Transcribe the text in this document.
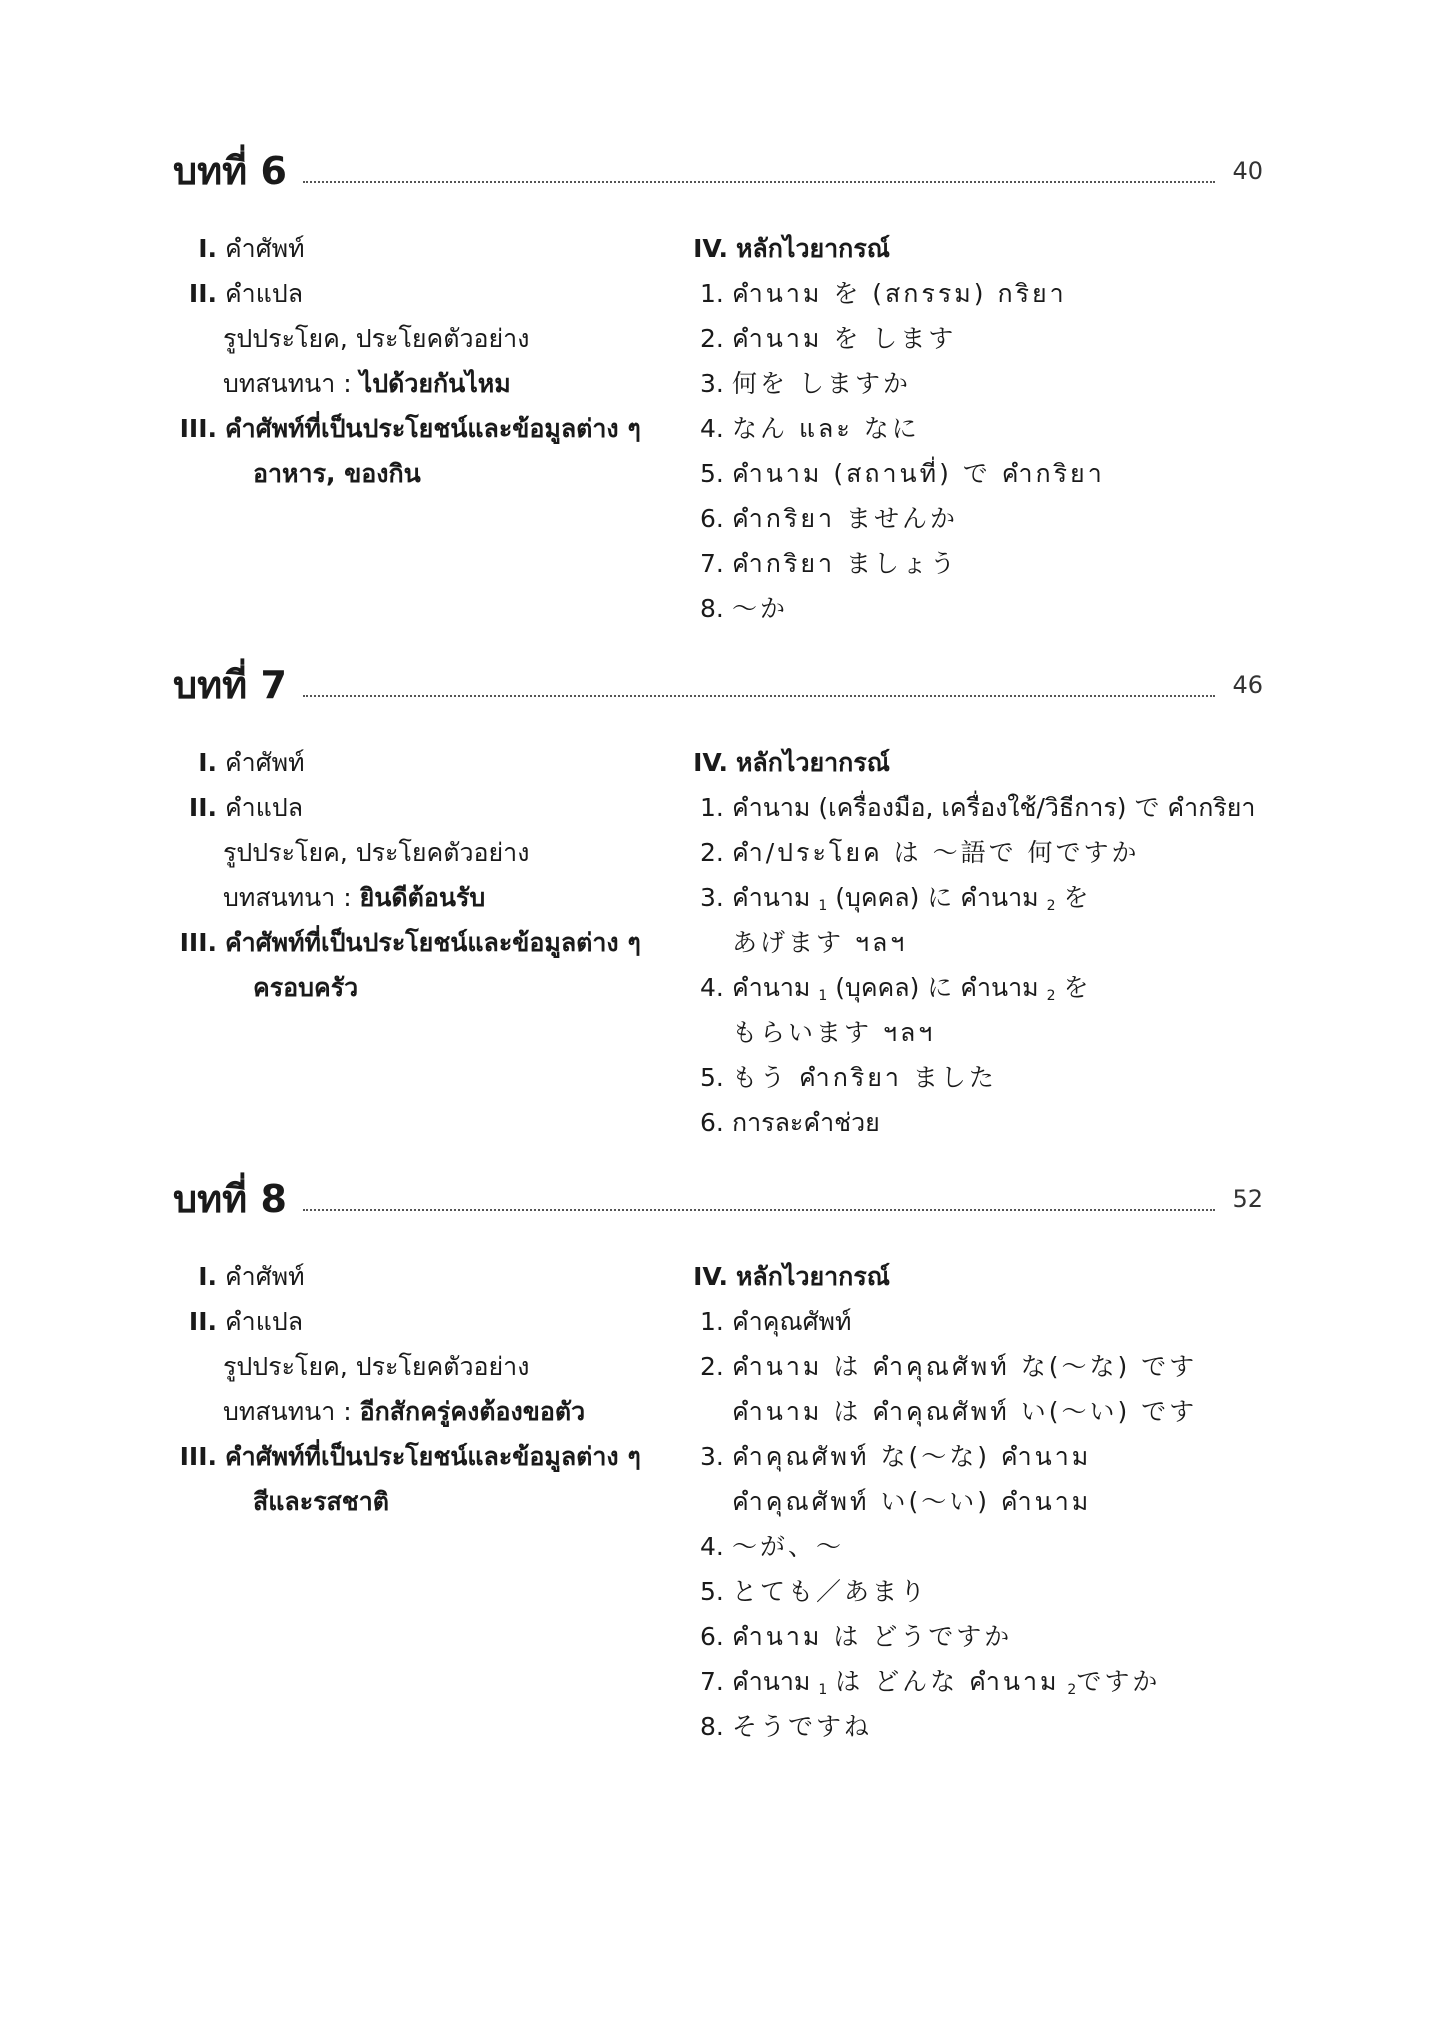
บทที่ 6	40
I. คำศัพท์
II. คำแปล
รูปประโยค, ประโยคตัวอย่าง
บทสนทนา : ไปด้วยกันไหม
III. คำศัพท์ที่เป็นประโยชน์และข้อมูลต่าง ๆ
อาหาร, ของกิน
IV. หลักไวยากรณ์
1. คำนาม を (สกรรม) กริยา
2. คำนาม を します
3. 何を しますか
4. なん และ なに
5. คำนาม (สถานที่) で คำกริยา
6. คำกริยา ませんか
7. คำกริยา ましょう
8. ～か
บทที่ 7	46
I. คำศัพท์
II. คำแปล
รูปประโยค, ประโยคตัวอย่าง
บทสนทนา : ยินดีต้อนรับ
III. คำศัพท์ที่เป็นประโยชน์และข้อมูลต่าง ๆ
ครอบครัว
IV. หลักไวยากรณ์
1. คำนาม (เครื่องมือ, เครื่องใช้/วิธีการ) で คำกริยา
2. คำ/ประโยค は ～語で 何ですか
3. คำนาม $_1$ (บุคคล) に คำนาม $_2$ を
あげます ฯลฯ
4. คำนาม $_1$ (บุคคล) に คำนาม $_2$ を
もらいます ฯลฯ
5. もう คำกริยา ました
6. การละคำช่วย
บทที่ 8	52
I. คำศัพท์
II. คำแปล
รูปประโยค, ประโยคตัวอย่าง
บทสนทนา : อีกสักครู่คงต้องขอตัว
III. คำศัพท์ที่เป็นประโยชน์และข้อมูลต่าง ๆ
สีและรสชาติ
IV. หลักไวยากรณ์
1. คำคุณศัพท์
2. คำนาม は คำคุณศัพท์ な(～な) です
คำนาม は คำคุณศัพท์ い(～い) です
3. คำคุณศัพท์ な(～な) คำนาม
คำคุณศัพท์ い(～い) คำนาม
4. ～が、～
5. とても／あまり
6. คำนาม は どうですか
7. คำนาม $_1$ は どんな คำนาม $_2$ですか
8. そうですね
